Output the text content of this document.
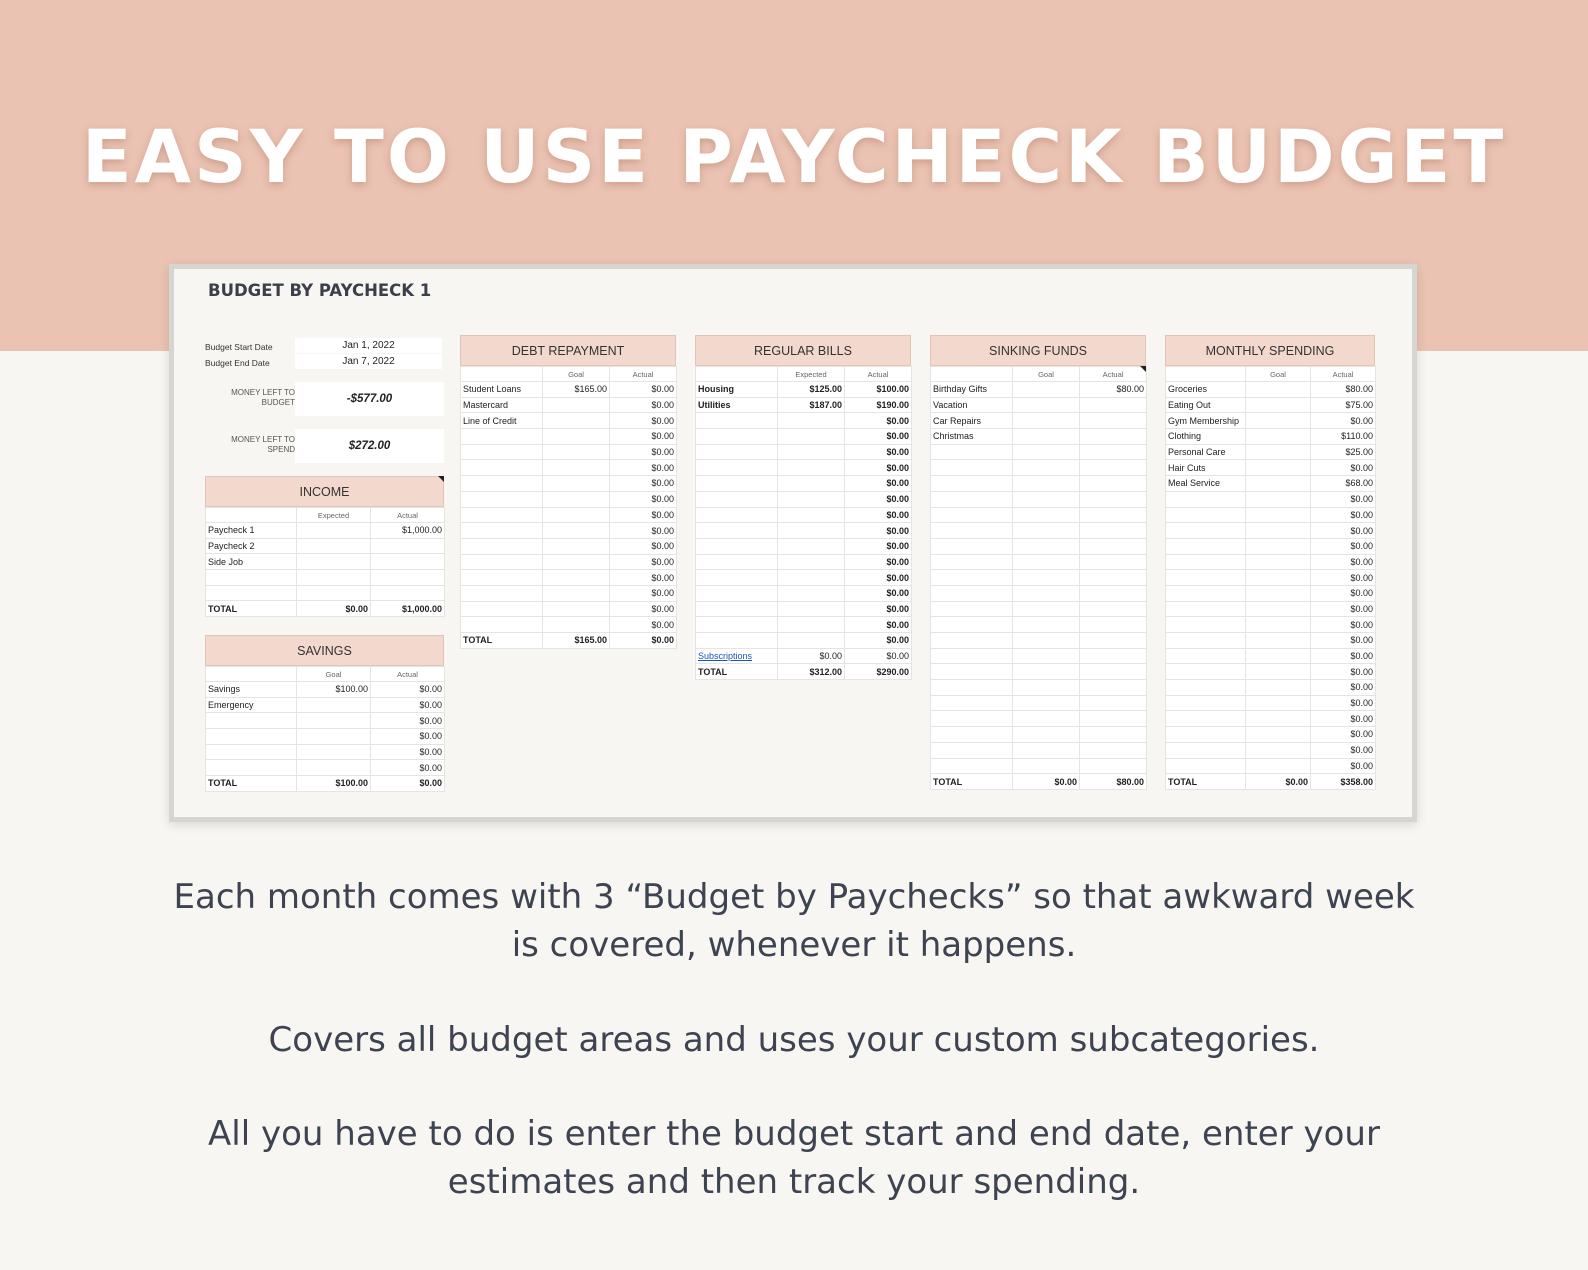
EASY TO USE PAYCHECK BUDGET
BUDGET BY PAYCHECK 1
Budget Start Date	Jan 1, 2022
Budget End Date	Jan 7, 2022
MONEY LEFT TO BUDGET	-$577.00
MONEY LEFT TO SPEND	$272.00
INCOME
	Expected	Actual
Paycheck 1		$1,000.00
Paycheck 2		
Side Job		

TOTAL	$0.00	$1,000.00
SAVINGS
	Goal	Actual
Savings	$100.00	$0.00
Emergency		$0.00
		$0.00
		$0.00
		$0.00
		$0.00
TOTAL	$100.00	$0.00
DEBT REPAYMENT
	Goal	Actual
Student Loans	$165.00	$0.00
Mastercard		$0.00
Line of Credit		$0.00
		$0.00
		$0.00
		$0.00
		$0.00
		$0.00
		$0.00
		$0.00
		$0.00
		$0.00
		$0.00
		$0.00
		$0.00
		$0.00
TOTAL	$165.00	$0.00
REGULAR BILLS
	Expected	Actual
Housing	$125.00	$100.00
Utilities	$187.00	$190.00
		$0.00
		$0.00
		$0.00
		$0.00
		$0.00
		$0.00
		$0.00
		$0.00
		$0.00
		$0.00
		$0.00
		$0.00
		$0.00
		$0.00
		$0.00
Subscriptions	$0.00	$0.00
TOTAL	$312.00	$290.00
SINKING FUNDS
	Goal	Actual
Birthday Gifts		$80.00
Vacation		
Car Repairs		
Christmas		

TOTAL	$0.00	$80.00
MONTHLY SPENDING
	Goal	Actual
Groceries		$80.00
Eating Out		$75.00
Gym Membership		$0.00
Clothing		$110.00
Personal Care		$25.00
Hair Cuts		$0.00
Meal Service		$68.00
		$0.00
		$0.00
		$0.00
		$0.00
		$0.00
		$0.00
		$0.00
		$0.00
		$0.00
		$0.00
		$0.00
		$0.00
		$0.00
		$0.00
		$0.00
		$0.00
		$0.00
		$0.00
TOTAL	$0.00	$358.00
Each month comes with 3 “Budget by Paychecks” so that awkward week
is covered, whenever it happens.
Covers all budget areas and uses your custom subcategories.
All you have to do is enter the budget start and end date, enter your
estimates and then track your spending.
